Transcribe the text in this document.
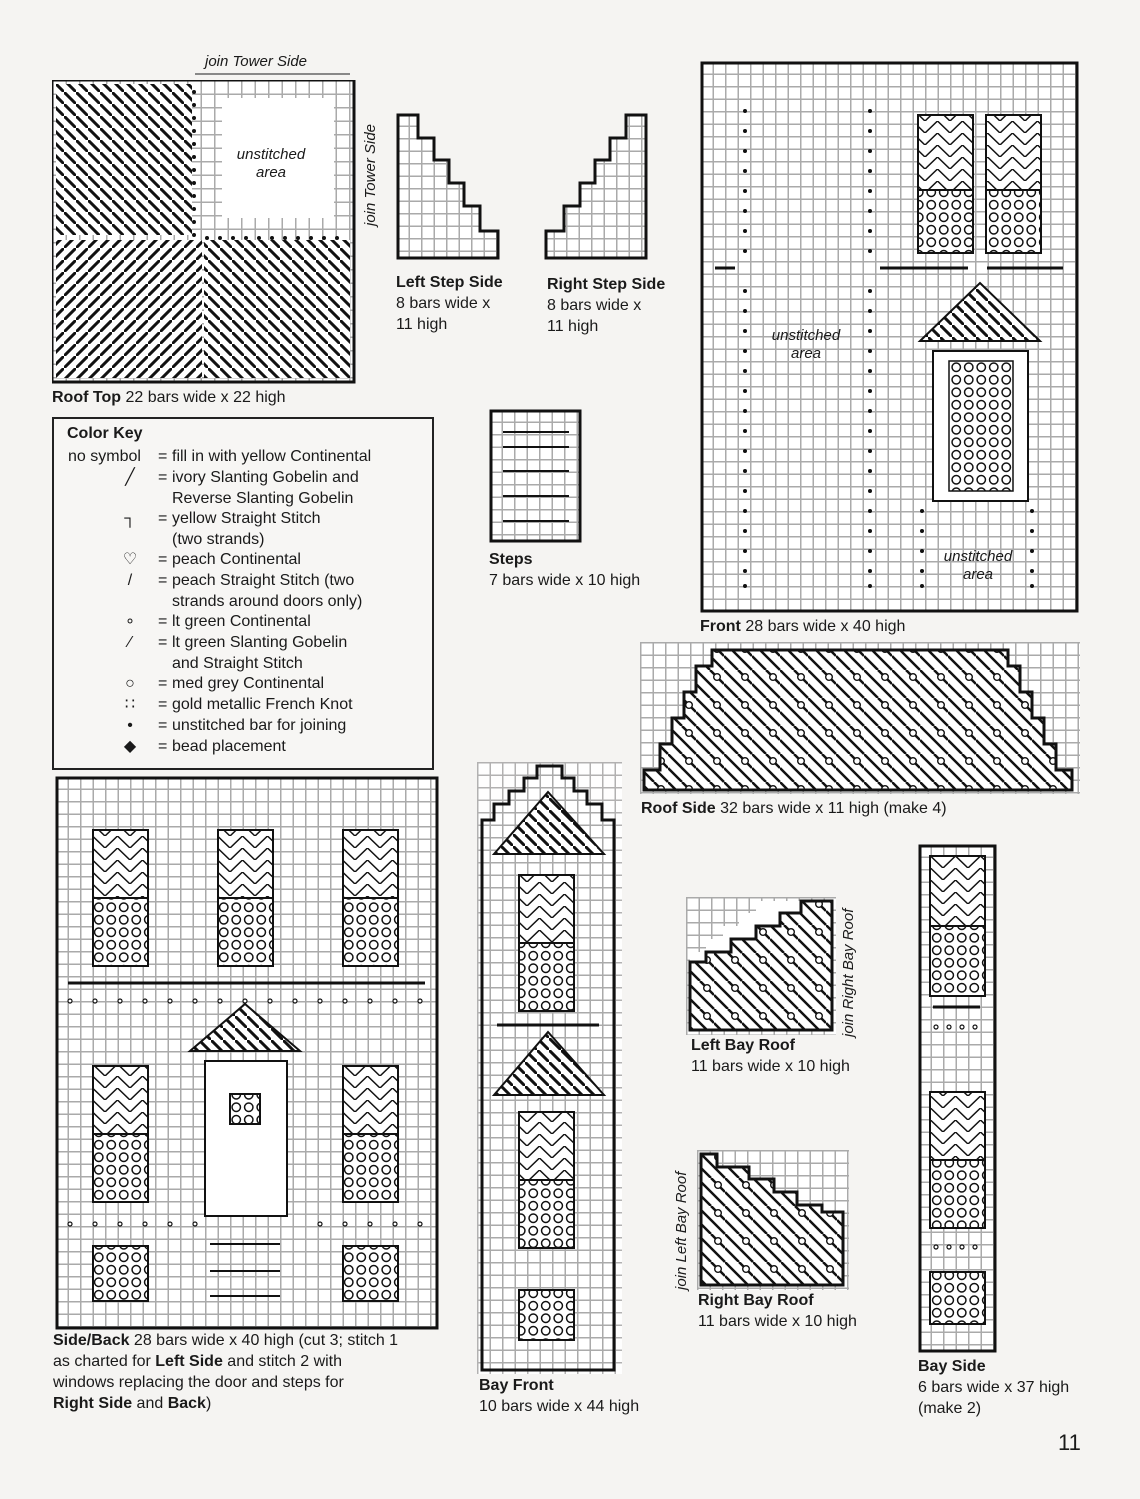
join Tower Side
join Tower Side
unstitched
area
Roof Top 22 bars wide x 22 high
Left Step Side
8 bars wide x
11 high
Right Step Side
8 bars wide x
11 high
Steps
7 bars wide x 10 high
unstitched
area
unstitched
area
Front 28 bars wide x 40 high
Roof Side 32 bars wide x 11 high (make 4)
Color Key
no symbol = fill in with yellow Continental
╱	= ivory Slanting Gobelin and
Reverse Slanting Gobelin
┐	= yellow Straight Stitch
(two strands)
♡	= peach Continental
/	= peach Straight Stitch (two
strands around doors only)
∘	= lt green Continental
∕	= lt green Slanting Gobelin
and Straight Stitch
○	= med grey Continental
∷	= gold metallic French Knot
•	= unstitched bar for joining
◆	= bead placement
Side/Back 28 bars wide x 40 high (cut 3; stitch 1
as charted for Left Side and stitch 2 with
windows replacing the door and steps for
Right Side and Back)
Bay Front
10 bars wide x 44 high
join Right Bay Roof
Left Bay Roof
11 bars wide x 10 high
join Left Bay Roof
Right Bay Roof
11 bars wide x 10 high
Bay Side
6 bars wide x 37 high
(make 2)
11
